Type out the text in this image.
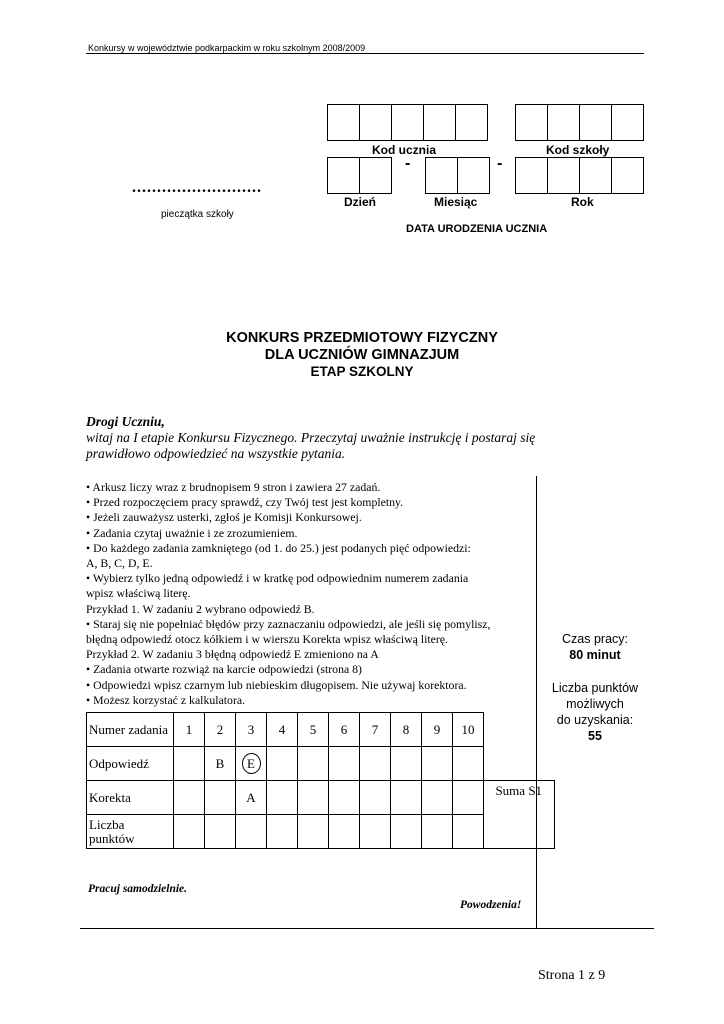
Konkursy w województwie podkarpackim w roku szkolnym 2008/2009
Kod ucznia	Kod szkoły
-	-
Dzień	Miesiąc	Rok
DATA URODZENIA UCZNIA
..........................
pieczątka szkoły
KONKURS PRZEDMIOTOWY FIZYCZNY
DLA UCZNIÓW GIMNAZJUM
ETAP SZKOLNY
Drogi Uczniu,
witaj na I etapie Konkursu Fizycznego. Przeczytaj uważnie instrukcję i postaraj się
prawidłowo odpowiedzieć na wszystkie pytania.
• Arkusz liczy wraz z brudnopisem 9 stron i zawiera 27 zadań.
• Przed rozpoczęciem pracy sprawdź, czy Twój test jest kompletny.
• Jeżeli zauważysz usterki, zgłoś je Komisji Konkursowej.
• Zadania czytaj uważnie i ze zrozumieniem.
• Do każdego zadania zamkniętego (od 1. do 25.) jest podanych pięć odpowiedzi:
A, B, C, D, E.
• Wybierz tylko jedną odpowiedź i w kratkę pod odpowiednim numerem zadania
wpisz właściwą literę.
Przykład 1. W zadaniu 2 wybrano odpowiedź B.
• Staraj się nie popełniać błędów przy zaznaczaniu odpowiedzi, ale jeśli się pomylisz,
błędną odpowiedź otocz kółkiem i w wierszu Korekta wpisz właściwą literę.
Przykład 2. W zadaniu 3 błędną odpowiedź E zmieniono na A
• Zadania otwarte rozwiąż na karcie odpowiedzi (strona 8)
• Odpowiedzi wpisz czarnym lub niebieskim długopisem. Nie używaj korektora.
• Możesz korzystać z kalkulatora.
Numer zadania	1	2	3	4	5	6	7	8	9	10	
Odpowiedź		B	E								
Korekta			A								Suma S1
Liczba punktów											
Czas pracy:
80 minut
Liczba punktów
możliwych
do uzyskania:
55
Pracuj samodzielnie.
Powodzenia!
Strona 1 z 9
